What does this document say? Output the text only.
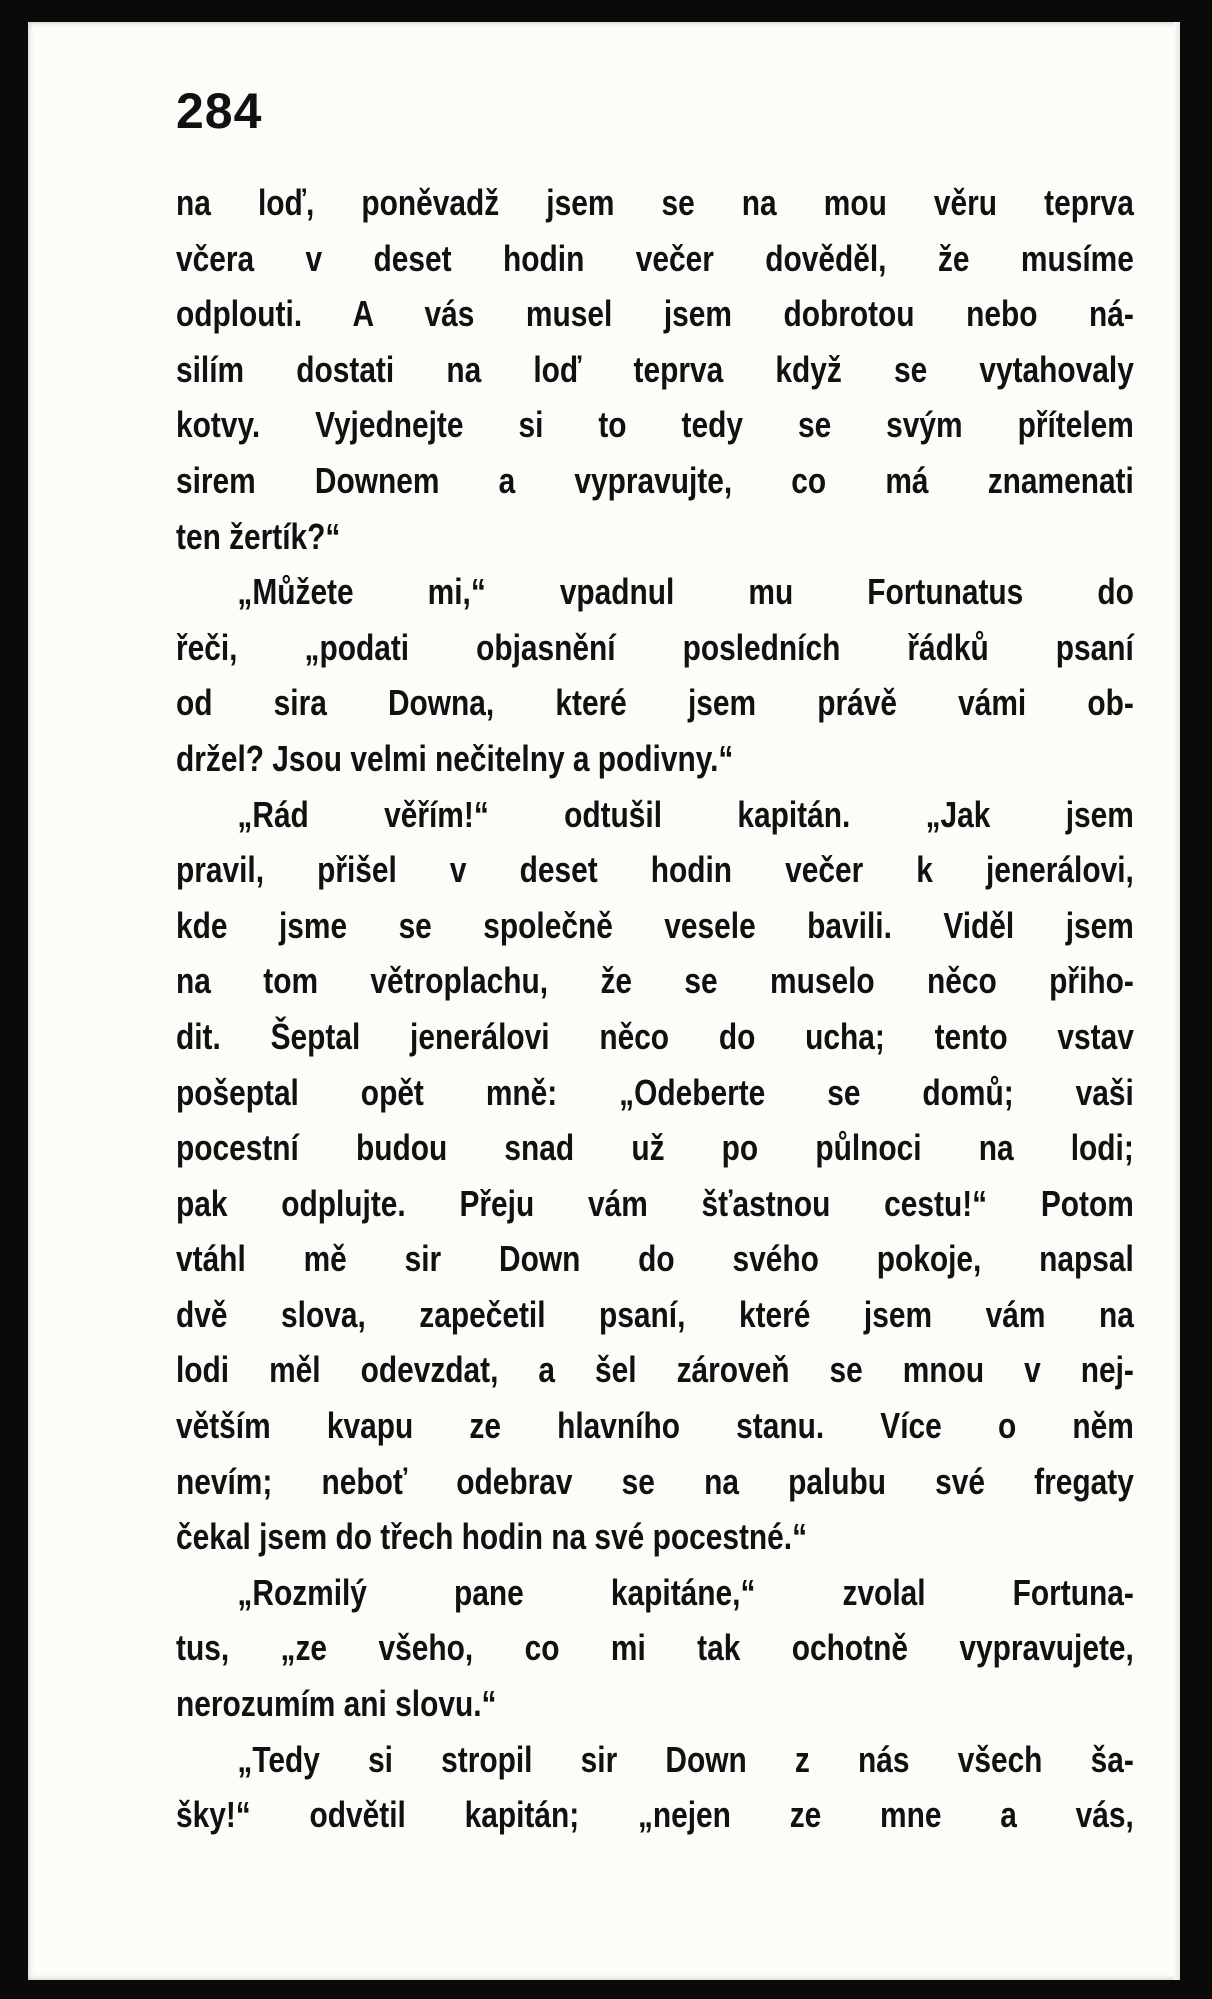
284
na loď, poněvadž jsem se na mou věru teprva
včera v deset hodin večer dověděl, že musíme
odplouti. A vás musel jsem dobrotou nebo ná-
silím dostati na loď teprva když se vytahovaly
kotvy. Vyjednejte si to tedy se svým přítelem
sirem Downem a vypravujte, co má znamenati
ten žertík?“
„Můžete mi,“ vpadnul mu Fortunatus do
řeči, „podati objasnění posledních řádků psaní
od sira Downa, které jsem právě vámi ob-
držel? Jsou velmi nečitelny a podivny.“
„Rád věřím!“ odtušil kapitán. „Jak jsem
pravil, přišel v deset hodin večer k jenerálovi,
kde jsme se společně vesele bavili. Viděl jsem
na tom větroplachu, že se muselo něco přiho-
dit. Šeptal jenerálovi něco do ucha; tento vstav
pošeptal opět mně: „Odeberte se domů; vaši
pocestní budou snad už po půlnoci na lodi;
pak odplujte. Přeju vám šťastnou cestu!“ Potom
vtáhl mě sir Down do svého pokoje, napsal
dvě slova, zapečetil psaní, které jsem vám na
lodi měl odevzdat, a šel zároveň se mnou v nej-
větším kvapu ze hlavního stanu. Více o něm
nevím; neboť odebrav se na palubu své fregaty
čekal jsem do třech hodin na své pocestné.“
„Rozmilý pane kapitáne,“ zvolal Fortuna-
tus, „ze všeho, co mi tak ochotně vypravujete,
nerozumím ani slovu.“
„Tedy si stropil sir Down z nás všech ša-
šky!“ odvětil kapitán; „nejen ze mne a vás,
